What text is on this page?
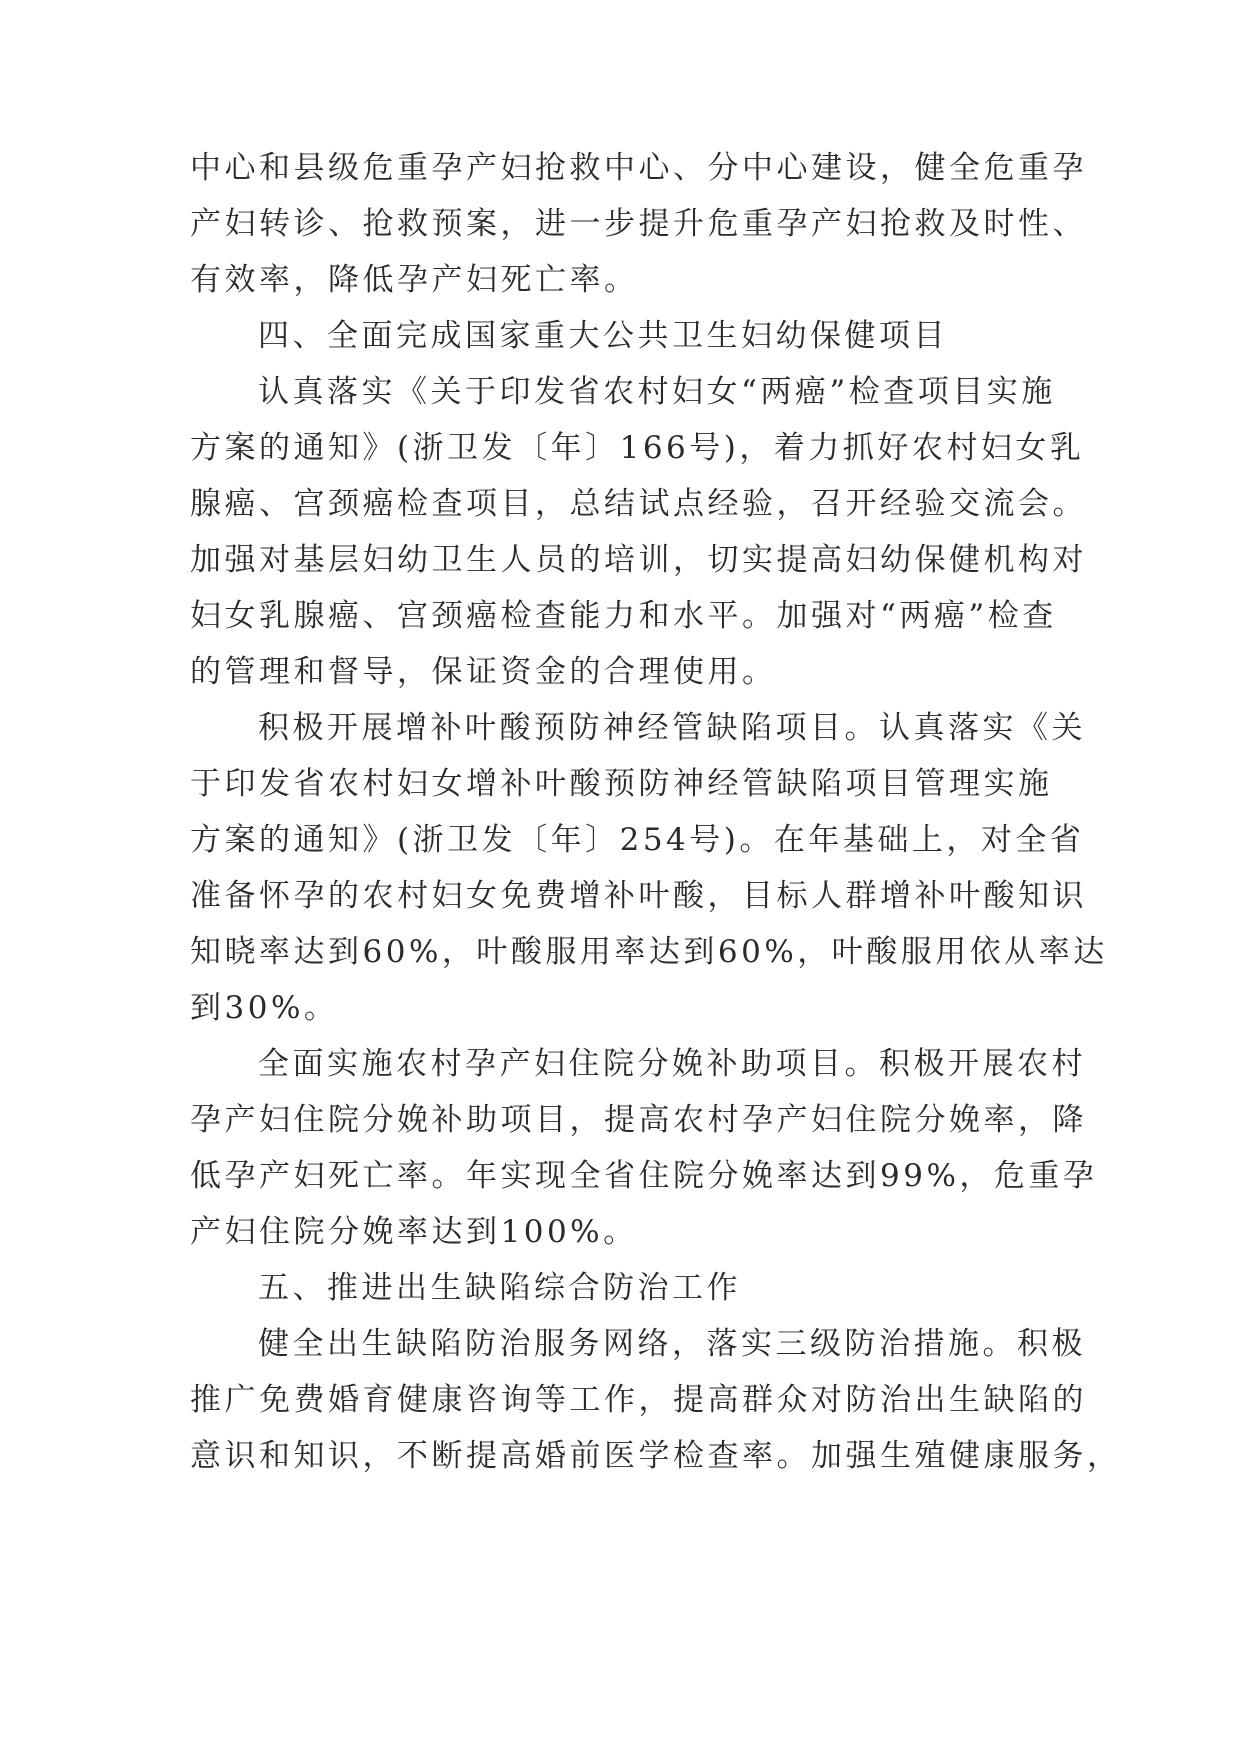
中心和县级危重孕产妇抢救中心、分中心建设，健全危重孕
产妇转诊、抢救预案，进一步提升危重孕产妇抢救及时性、
有效率，降低孕产妇死亡率。
四、全面完成国家重大公共卫生妇幼保健项目
认真落实《关于印发省农村妇女“两癌”检查项目实施
方案的通知》(浙卫发〔年〕166号)，着力抓好农村妇女乳
腺癌、宫颈癌检查项目，总结试点经验，召开经验交流会。
加强对基层妇幼卫生人员的培训，切实提高妇幼保健机构对
妇女乳腺癌、宫颈癌检查能力和水平。加强对“两癌”检查
的管理和督导，保证资金的合理使用。
积极开展增补叶酸预防神经管缺陷项目。认真落实《关
于印发省农村妇女增补叶酸预防神经管缺陷项目管理实施
方案的通知》(浙卫发〔年〕254号)。在年基础上，对全省
准备怀孕的农村妇女免费增补叶酸，目标人群增补叶酸知识
知晓率达到60%，叶酸服用率达到60%，叶酸服用依从率达
到30%。
全面实施农村孕产妇住院分娩补助项目。积极开展农村
孕产妇住院分娩补助项目，提高农村孕产妇住院分娩率，降
低孕产妇死亡率。年实现全省住院分娩率达到99%，危重孕
产妇住院分娩率达到100%。
五、推进出生缺陷综合防治工作
健全出生缺陷防治服务网络，落实三级防治措施。积极
推广免费婚育健康咨询等工作，提高群众对防治出生缺陷的
意识和知识，不断提高婚前医学检查率。加强生殖健康服务，
